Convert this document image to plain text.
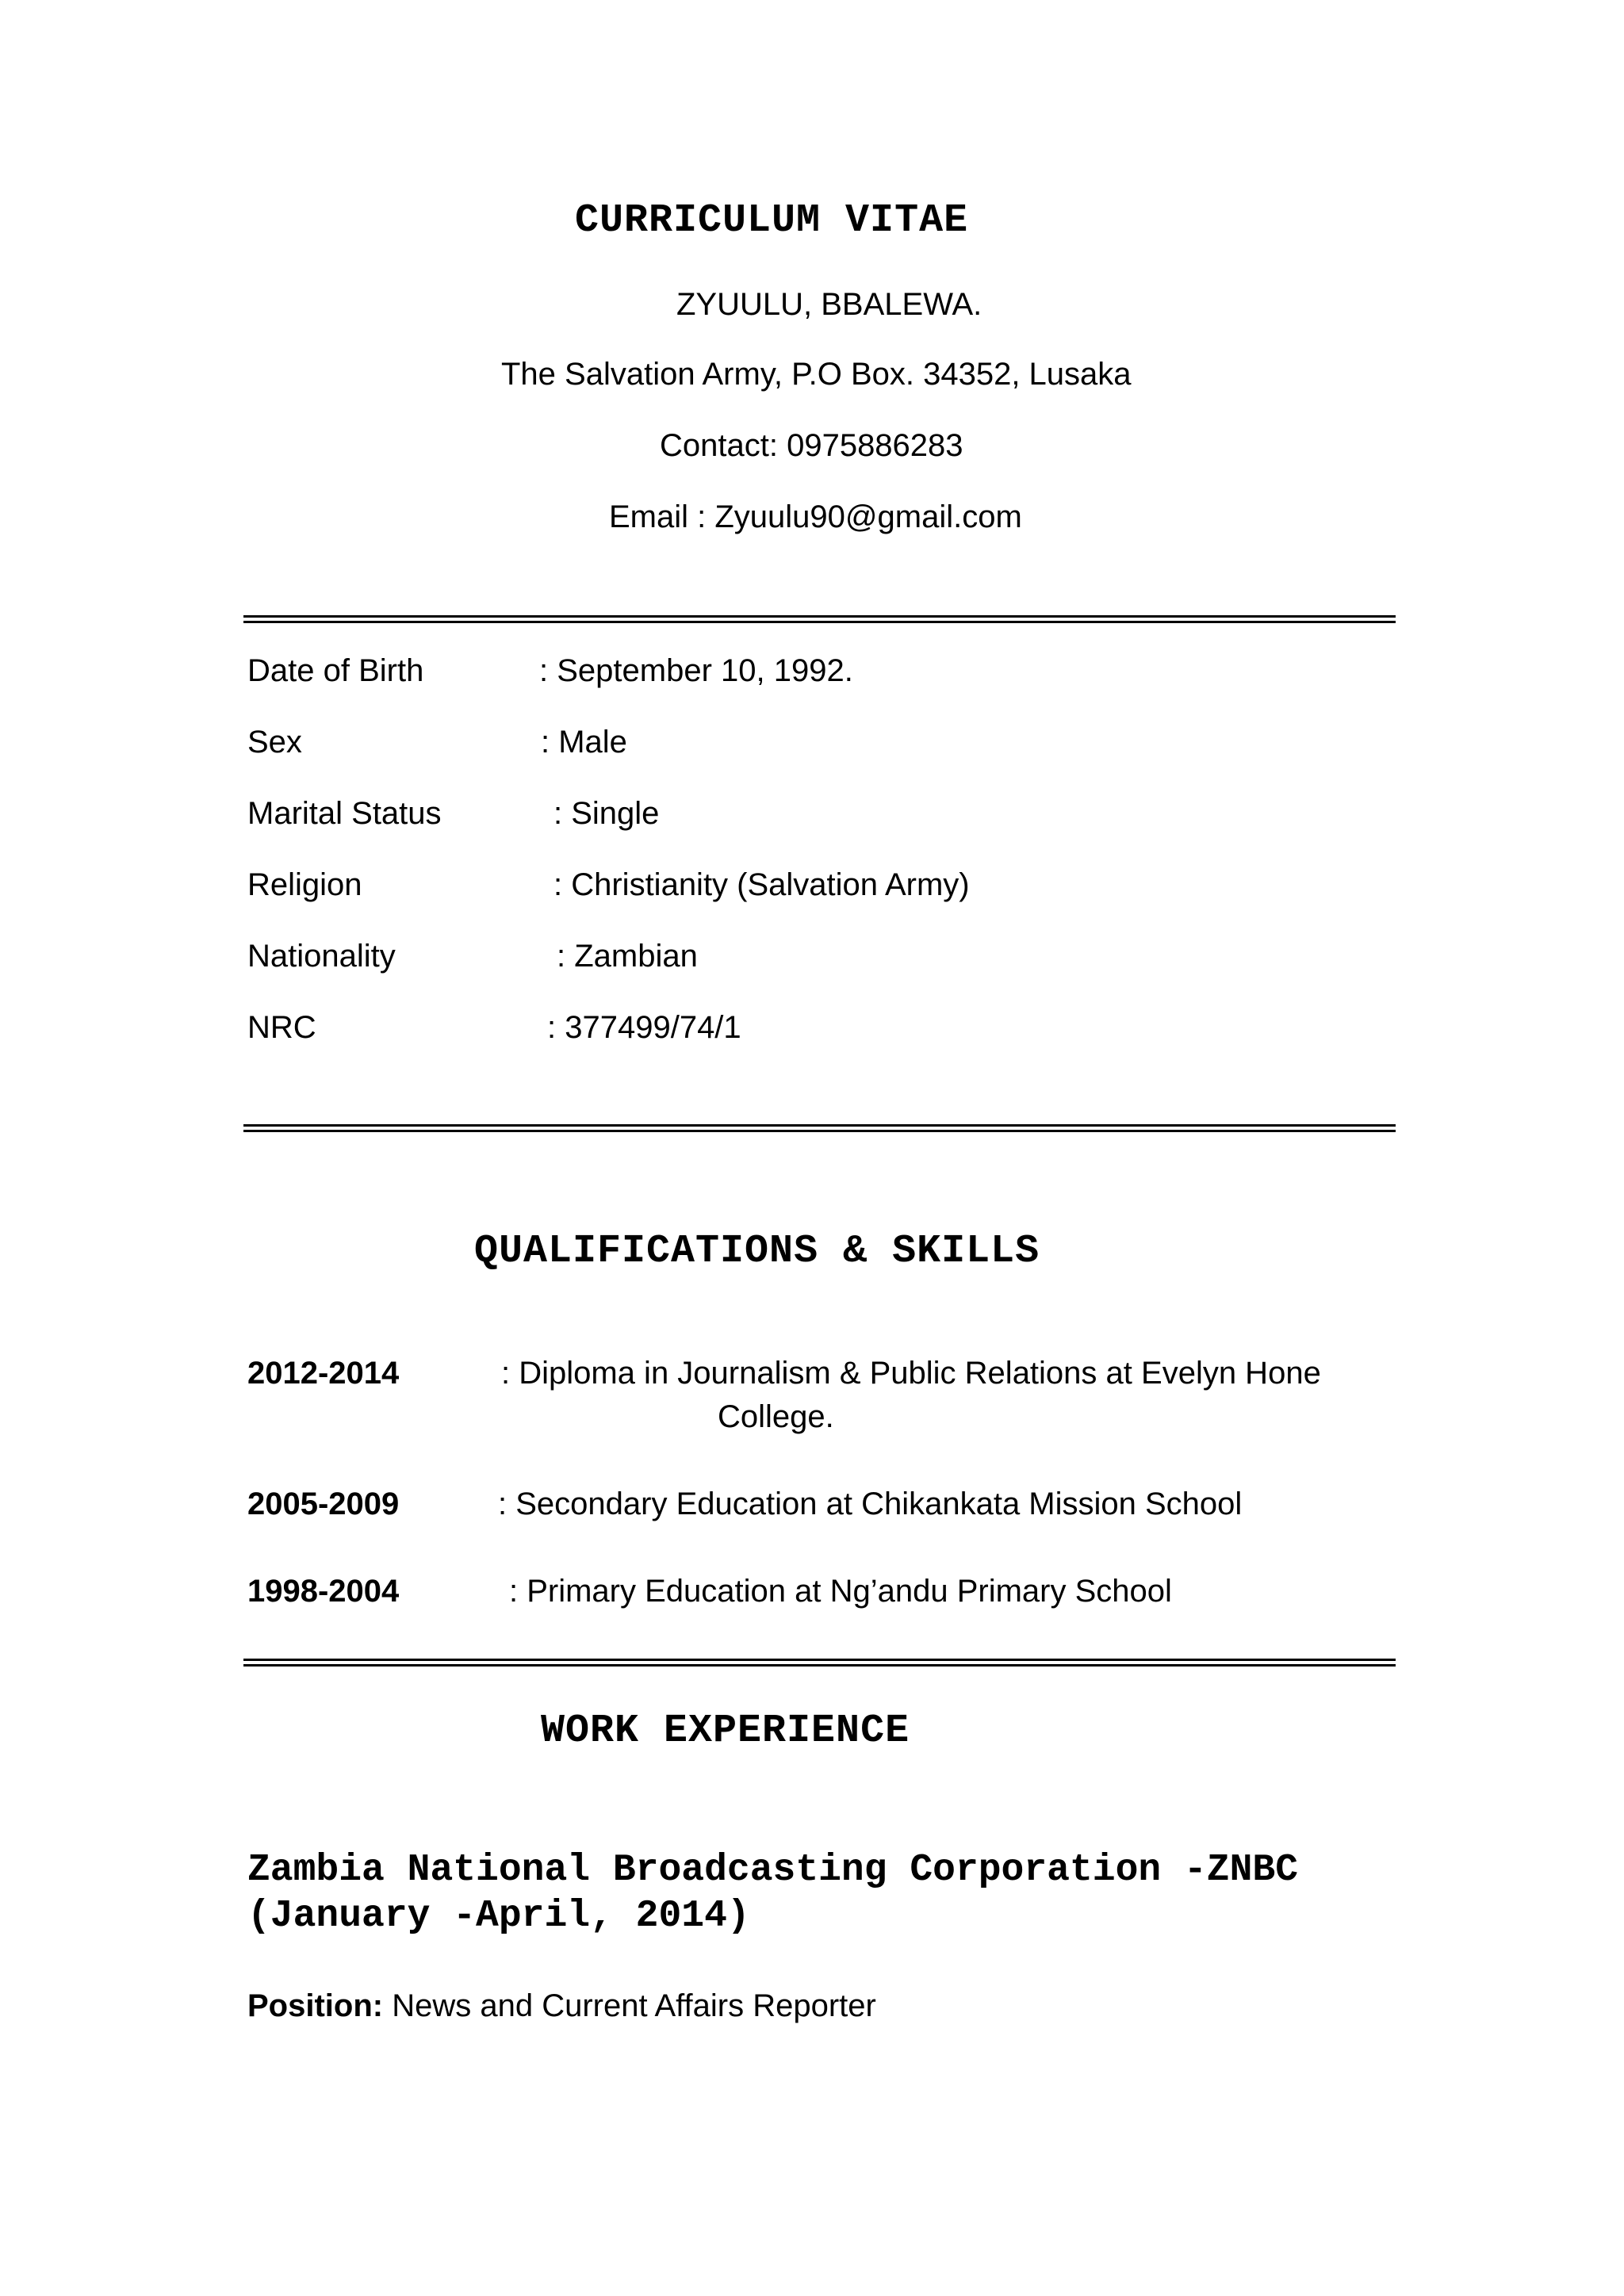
CURRICULUM VITAE
ZYUULU, BBALEWA.
The Salvation Army, P.O Box. 34352, Lusaka
Contact: 0975886283
Email : Zyuulu90@gmail.com
Date of Birth	: September 10, 1992.
Sex	: Male
Marital Status	: Single
Religion	: Christianity (Salvation Army)
Nationality	: Zambian
NRC	: 377499/74/1
QUALIFICATIONS & SKILLS
2012-2014	: Diploma in Journalism & Public Relations at Evelyn Hone
College.
2005-2009	: Secondary Education at Chikankata Mission School
1998-2004	: Primary Education at Ng’andu Primary School
WORK EXPERIENCE
Zambia National Broadcasting Corporation -ZNBC
(January -April, 2014)
Position: News and Current Affairs Reporter
